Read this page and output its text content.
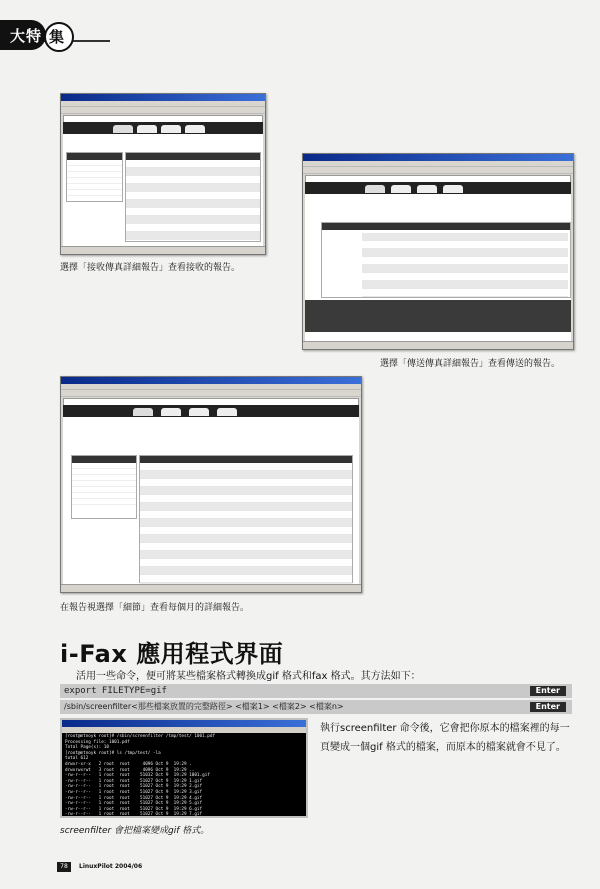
大特 集
選擇「接收傳真詳細報告」查看接收的報告。
選擇「傳送傳真詳細報告」查看傳送的報告。
在報告視選擇「細節」查看每個月的詳細報告。
i-Fax 應用程式界面
活用一些命令，便可將某些檔案格式轉換成gif 格式和fax 格式。其方法如下：
export FILETYPE=gif	Enter
/sbin/screenfilter<那些檔案放置的完整路徑> <檔案1> <檔案2> <檔案n>	Enter
[root@mtnoyk root]# /sbin/screenfilter /tmp/test/ 1001.pdf
Processing file: 1001.pdf
Total Page(s): 10
[root@mtnoyk root]# ls /tmp/test/ -la
total 612
drwxr-xr-x   2 root  root     4096 Oct 9  19:29 .
drwxrwxrwt   3 root  root     4096 Oct 9  19:29 ..
-rw-r--r--   1 root  root    51032 Oct 9  19:29 1001.gif
-rw-r--r--   1 root  root    51027 Oct 9  19:29 1.gif
-rw-r--r--   1 root  root    51027 Oct 9  19:29 2.gif
-rw-r--r--   1 root  root    51027 Oct 9  19:29 3.gif
-rw-r--r--   1 root  root    51027 Oct 9  19:29 4.gif
-rw-r--r--   1 root  root    51027 Oct 9  19:29 5.gif
-rw-r--r--   1 root  root    51027 Oct 9  19:29 6.gif
-rw-r--r--   1 root  root    51027 Oct 9  19:29 7.gif
screenfilter 會把檔案變成gif 格式。
執行screenfilter 命令後，它會把你原本的檔案裡的每一頁變成一個gif 格式的檔案，而原本的檔案就會不見了。
78	LinuxPilot 2004/06
